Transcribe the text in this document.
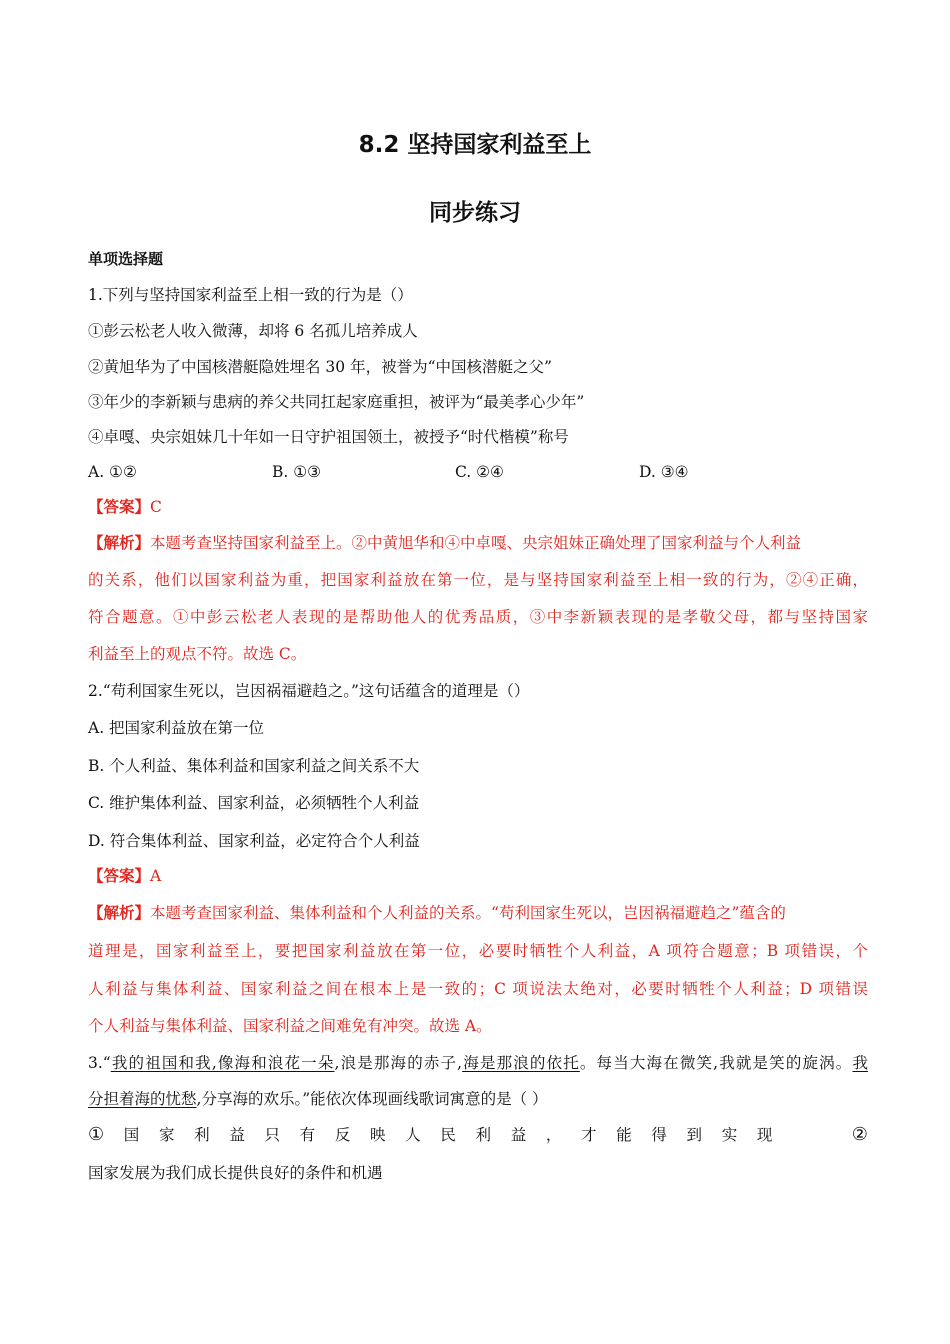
8.2 坚持国家利益至上
同步练习
单项选择题
1.下列与坚持国家利益至上相一致的行为是（）
①彭云松老人收入微薄，却将 6 名孤儿培养成人
②黄旭华为了中国核潜艇隐姓埋名 30 年，被誉为“中国核潜艇之父”
③年少的李新颖与患病的养父共同扛起家庭重担，被评为“最美孝心少年”
④卓嘎、央宗姐妹几十年如一日守护祖国领土，被授予“时代楷模”称号
A. ①②	B. ①③	C. ②④	D. ③④
【答案】C
【解析】本题考查坚持国家利益至上。②中黄旭华和④中卓嘎、央宗姐妹正确处理了国家利益与个人利益
的关系，他们以国家利益为重，把国家利益放在第一位，是与坚持国家利益至上相一致的行为，②④正确，
符合题意。①中彭云松老人表现的是帮助他人的优秀品质，③中李新颖表现的是孝敬父母，都与坚持国家
利益至上的观点不符。故选 C。
2.“苟利国家生死以，岂因祸福避趋之。”这句话蕴含的道理是（）
A. 把国家利益放在第一位
B. 个人利益、集体利益和国家利益之间关系不大
C. 维护集体利益、国家利益，必须牺牲个人利益
D. 符合集体利益、国家利益，必定符合个人利益
【答案】A
【解析】本题考查国家利益、集体利益和个人利益的关系。“苟利国家生死以，岂因祸福避趋之”蕴含的
道理是，国家利益至上，要把国家利益放在第一位，必要时牺牲个人利益，A 项符合题意；B 项错误，个
人利益与集体利益、国家利益之间在根本上是一致的；C 项说法太绝对，必要时牺牲个人利益；D 项错误
个人利益与集体利益、国家利益之间难免有冲突。故选 A。
3.“我的祖国和我,像海和浪花一朵,浪是那海的赤子,海是那浪的依托。每当大海在微笑,我就是笑的旋涡。我
分担着海的忧愁,分享海的欢乐。”能依次体现画线歌词寓意的是（ ）
① 国 家 利 益 只 有 反 映 人 民 利 益 ， 才 能 得 到 实 现	②
国家发展为我们成长提供良好的条件和机遇
